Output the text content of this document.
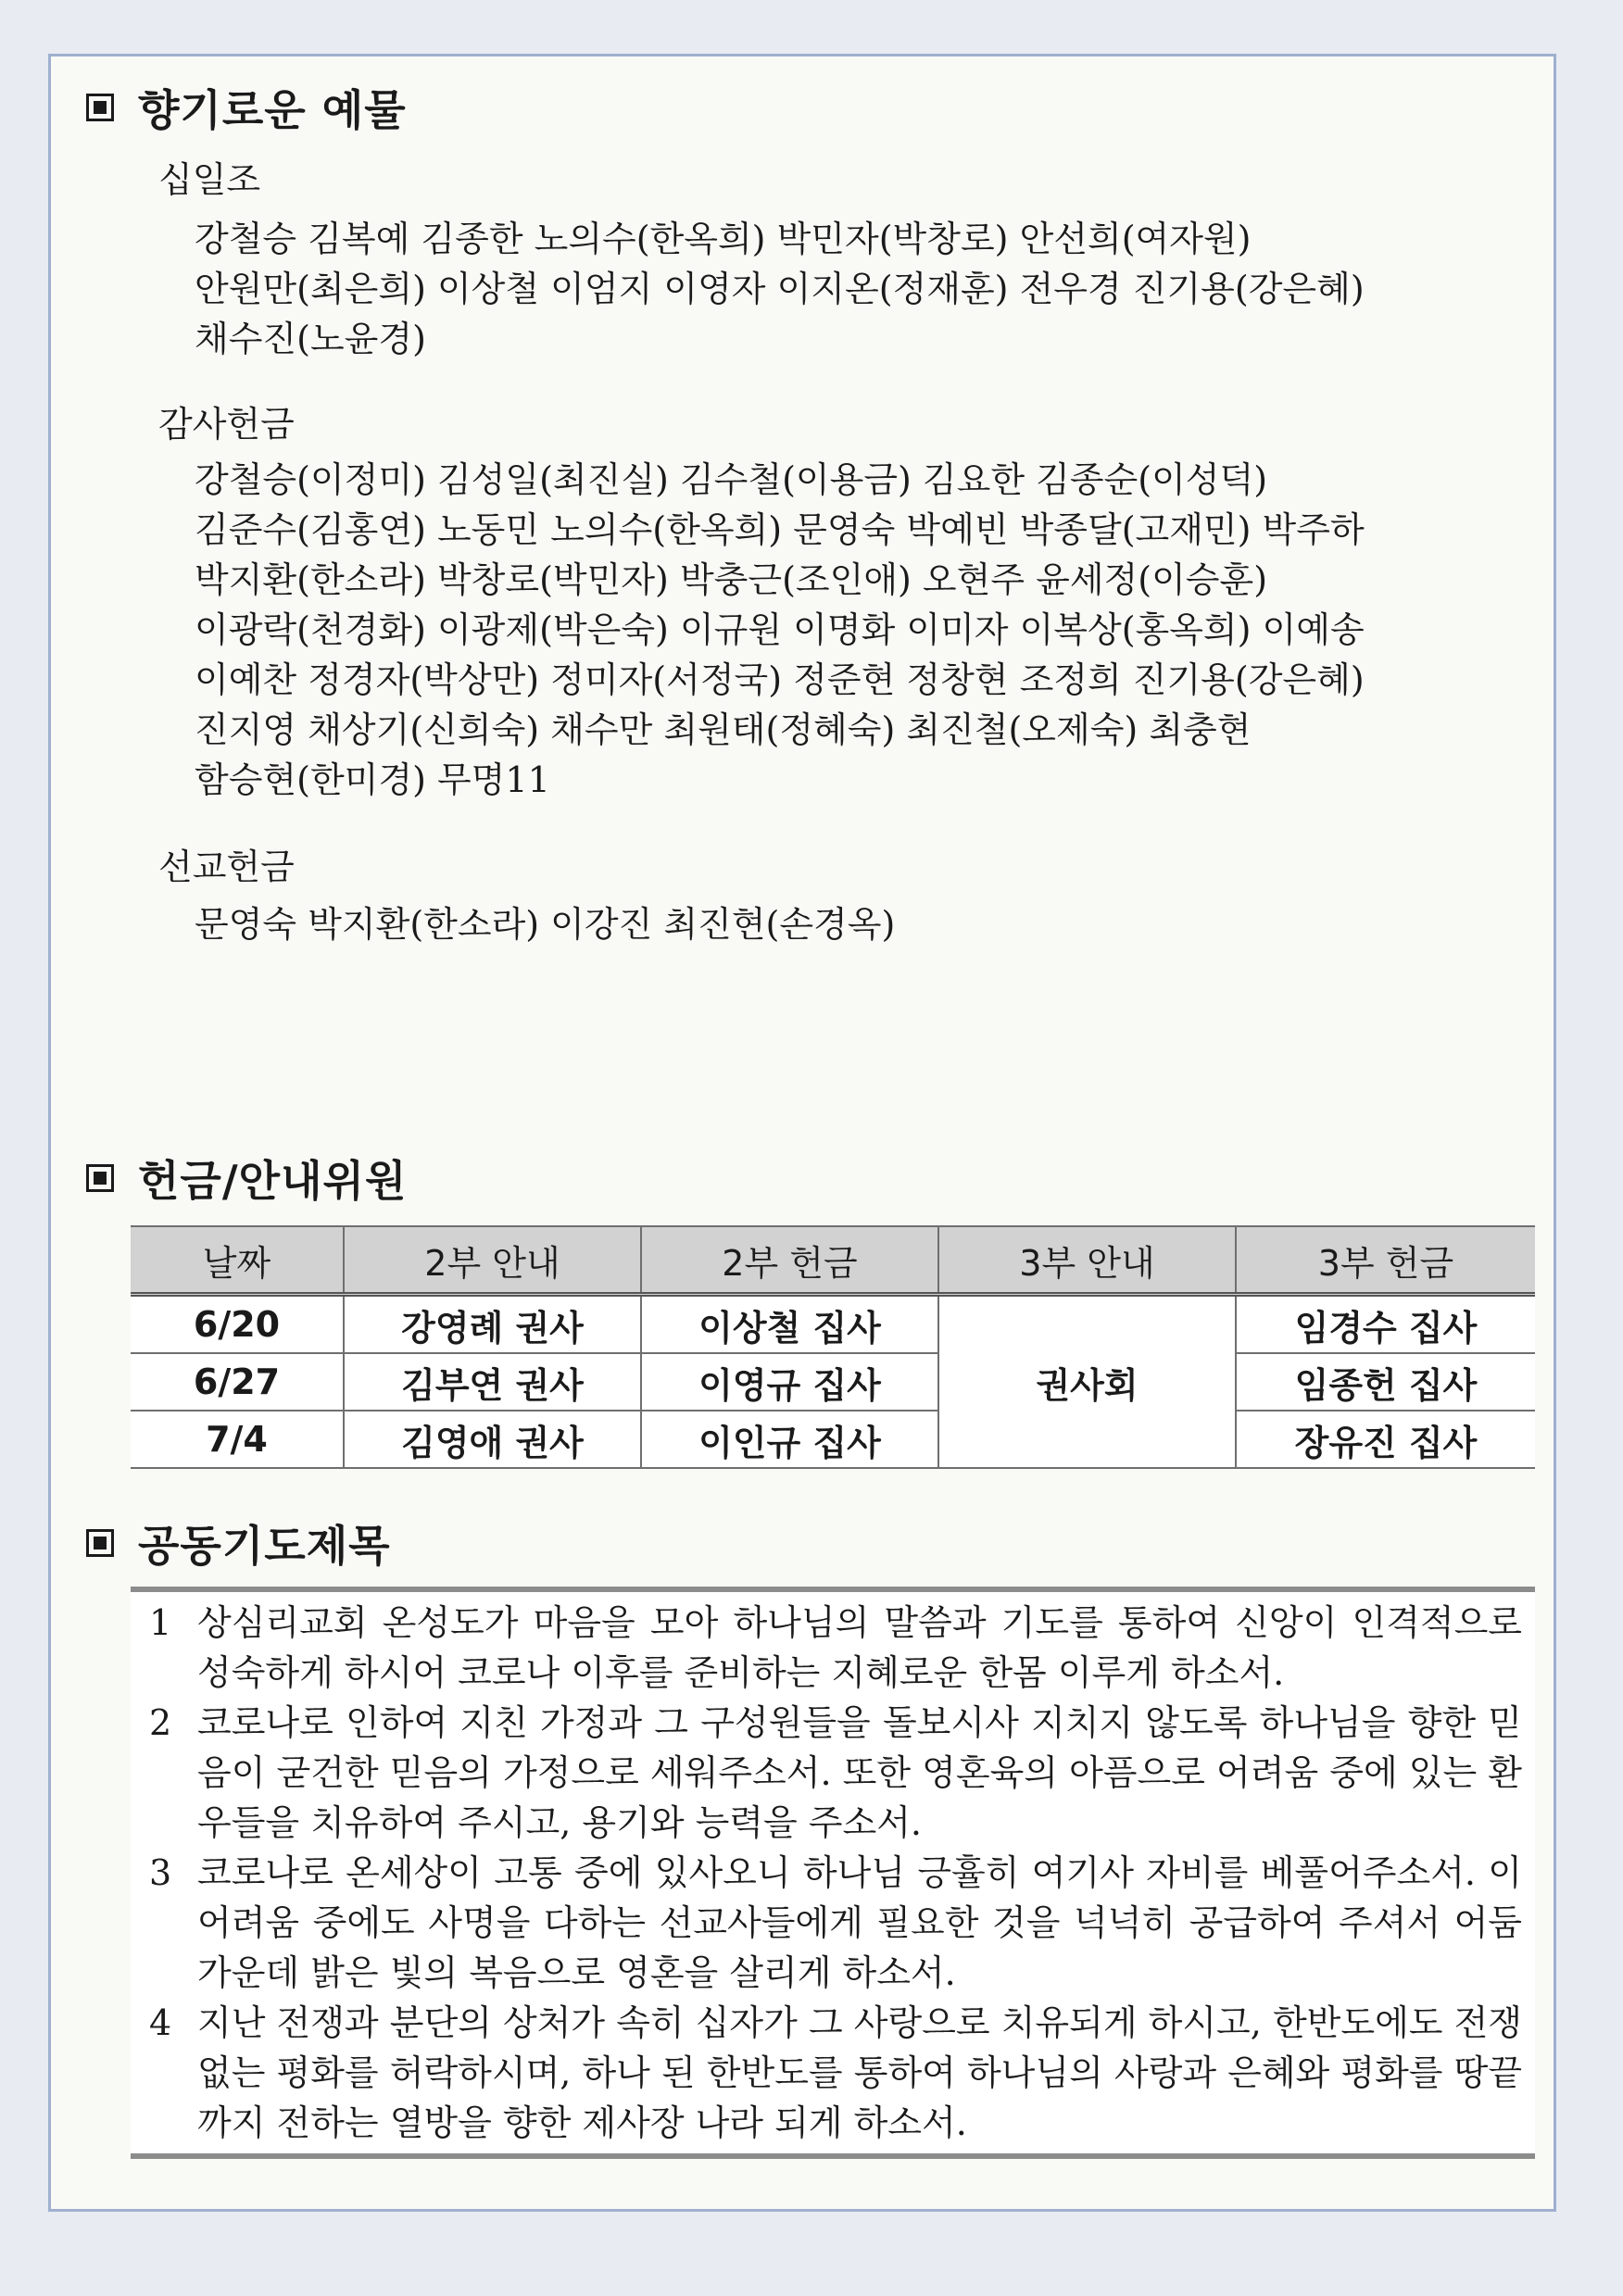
향기로운 예물
십일조

강철승 김복예 김종한 노의수(한옥희) 박민자(박창로) 안선희(여자원)

안원만(최은희) 이상철 이엄지 이영자 이지온(정재훈) 전우경 진기용(강은혜)

채수진(노윤경)

감사헌금

강철승(이정미) 김성일(최진실) 김수철(이용금) 김요한 김종순(이성덕)

김준수(김홍연) 노동민 노의수(한옥희) 문영숙 박예빈 박종달(고재민) 박주하

박지환(한소라) 박창로(박민자) 박충근(조인애) 오현주 윤세정(이승훈)

이광락(천경화) 이광제(박은숙) 이규원 이명화 이미자 이복상(홍옥희) 이예송

이예찬 정경자(박상만) 정미자(서정국) 정준현 정창현 조정희 진기용(강은혜)

진지영 채상기(신희숙) 채수만 최원태(정혜숙) 최진철(오제숙) 최충현

함승현(한미경) 무명11

선교헌금

문영숙 박지환(한소라) 이강진 최진현(손경옥)

헌금/안내위원
날짜	2부 안내	2부 헌금	3부 안내	3부 헌금
6/20	강영례 권사	이상철 집사	권사회	임경수 집사
6/27	김부연 권사	이영규 집사		임종헌 집사
7/4	김영애 권사	이인규 집사		장유진 집사
공동기도제목
1 상심리교회 온성도가 마음을 모아 하나님의 말씀과 기도를 통하여 신앙이 인격적으로 성숙하게 하시어 코로나 이후를 준비하는 지혜로운 한몸 이루게 하소서.
2 코로나로 인하여 지친 가정과 그 구성원들을 돌보시사 지치지 않도록 하나님을 향한 믿음이 굳건한 믿음의 가정으로 세워주소서. 또한 영혼육의 아픔으로 어려움 중에 있는 환우들을 치유하여 주시고, 용기와 능력을 주소서.
3 코로나로 온세상이 고통 중에 있사오니 하나님 긍휼히 여기사 자비를 베풀어주소서. 이 어려움 중에도 사명을 다하는 선교사들에게 필요한 것을 넉넉히 공급하여 주셔서 어둠 가운데 밝은 빛의 복음으로 영혼을 살리게 하소서.
4 지난 전쟁과 분단의 상처가 속히 십자가 그 사랑으로 치유되게 하시고, 한반도에도 전쟁 없는 평화를 허락하시며, 하나 된 한반도를 통하여 하나님의 사랑과 은혜와 평화를 땅끝까지 전하는 열방을 향한 제사장 나라 되게 하소서.
